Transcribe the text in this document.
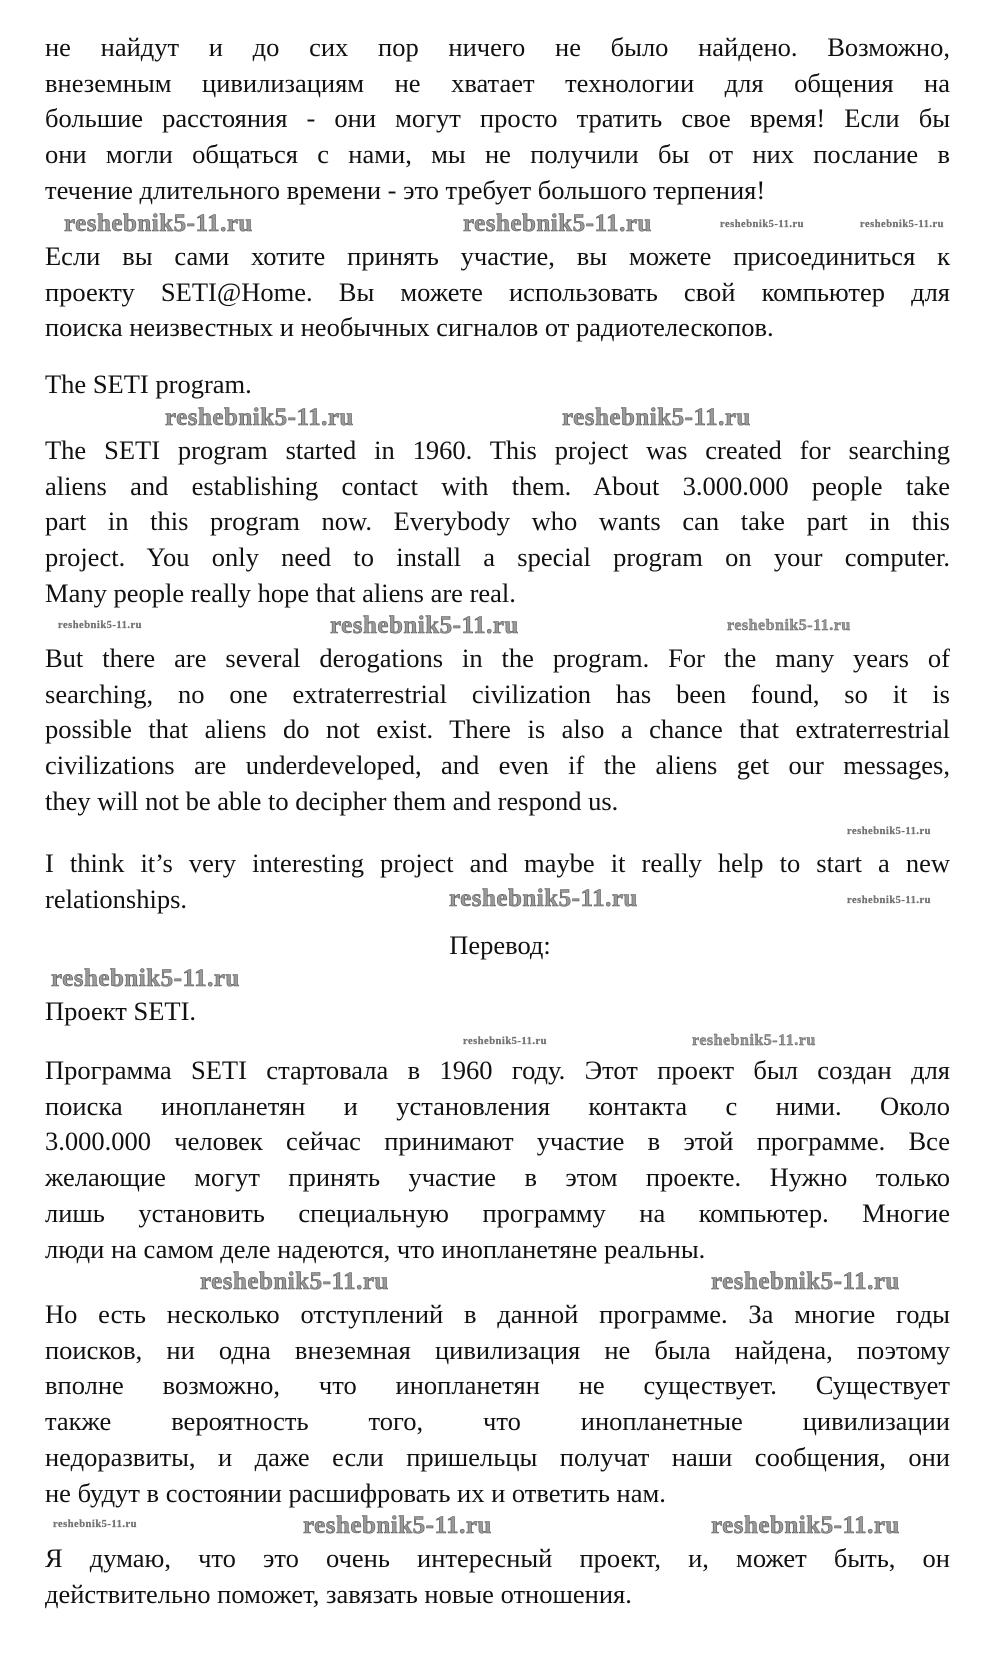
не найдут и до сих пор ничего не было найдено. Возможно,
внеземным цивилизациям не хватает технологии для общения на
большие расстояния - они могут просто тратить свое время! Если бы
они могли общаться с нами, мы не получили бы от них послание в
течение длительного времени - это требует большого терпения!
Если вы сами хотите принять участие, вы можете присоединиться к
проекту SETI@Home. Вы можете использовать свой компьютер для
поиска неизвестных и необычных сигналов от радиотелескопов.
The SETI program.
The SETI program started in 1960. This project was created for searching
aliens and establishing contact with them. About 3.000.000 people take
part in this program now. Everybody who wants can take part in this
project. You only need to install a special program on your computer.
Many people really hope that aliens are real.
But there are several derogations in the program. For the many years of
searching, no one extraterrestrial civilization has been found, so it is
possible that aliens do not exist. There is also a chance that extraterrestrial
civilizations are underdeveloped, and even if the aliens get our messages,
they will not be able to decipher them and respond us.
I think it’s very interesting project and maybe it really help to start a new
relationships.
Перевод:
Проект SETI.
Программа SETI стартовала в 1960 году. Этот проект был создан для
поиска инопланетян и установления контакта с ними. Около
3.000.000 человек сейчас принимают участие в этой программе. Все
желающие могут принять участие в этом проекте. Нужно только
лишь установить специальную программу на компьютер. Многие
люди на самом деле надеются, что инопланетяне реальны.
Но есть несколько отступлений в данной программе. За многие годы
поисков, ни одна внеземная цивилизация не была найдена, поэтому
вполне возможно, что инопланетян не существует. Существует
также вероятность того, что инопланетные цивилизации
недоразвиты, и даже если пришельцы получат наши сообщения, они
не будут в состоянии расшифровать их и ответить нам.
Я думаю, что это очень интересный проект, и, может быть, он
действительно поможет, завязать новые отношения.
reshebnik5-11.ru	reshebnik5-11.ru	reshebnik5-11.ru	reshebnik5-11.ru
reshebnik5-11.ru	reshebnik5-11.ru
reshebnik5-11.ru
reshebnik5-11.ru	reshebnik5-11.ru
reshebnik5-11.ru
reshebnik5-11.ru	reshebnik5-11.ru
reshebnik5-11.ru
reshebnik5-11.ru	reshebnik5-11.ru
reshebnik5-11.ru	reshebnik5-11.ru
reshebnik5-11.ru	reshebnik5-11.ru	reshebnik5-11.ru
